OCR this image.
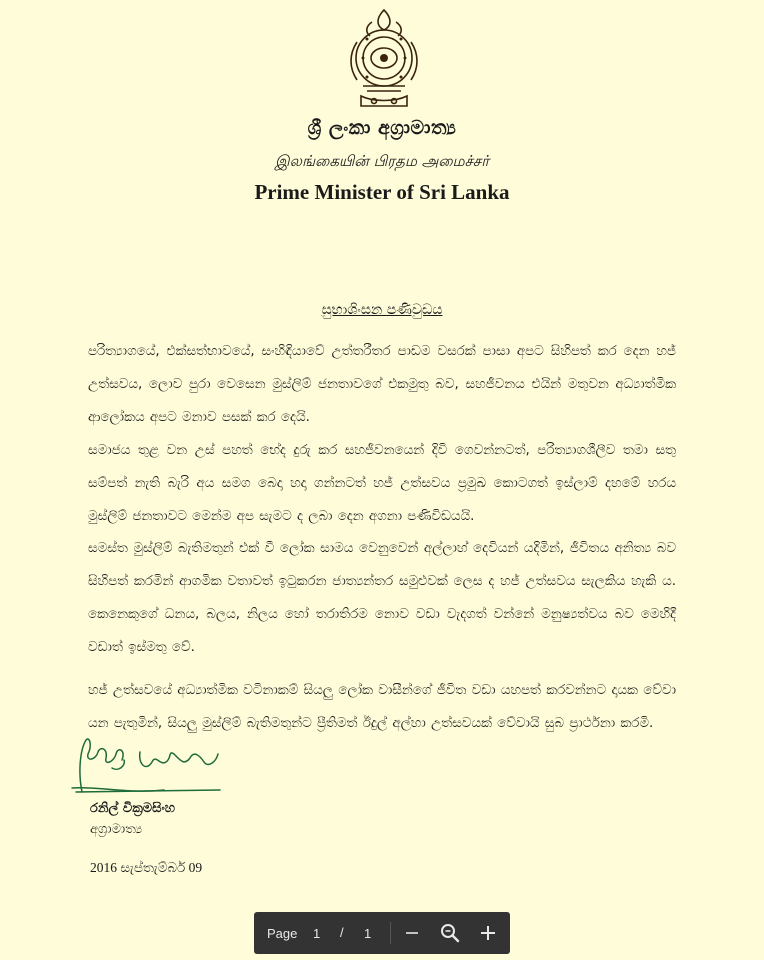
ශ්‍රී ලංකා අග්‍රාමාත්‍ය
இலங்கையின் பிரதம அமைச்சர்
Prime Minister of Sri Lanka
සුභාශිංසන පණිවුඩය
පරිත්‍යාගයේ, එක්සත්භාවයේ, සංහිඳියාවේ උත්තරීතර පාඩම වසරක් පාසා අපට සිහිපත් කර දෙන හජ් උත්සවය, ලොව පුරා වෙසෙන මුස්ලිම් ජනතාවගේ එකමුතු බව, සහජීවනය එයින් මතුවන අධ්‍යාත්මික ආලෝකය අපට මනාව පසක් කර දෙයි.
සමාජය තුළ වන උස් පහත් භේද දුරු කර සහජීවනයෙන් දිවි ගෙවන්නටත්, පරිත්‍යාගශීලීව තමා සතු සම්පත් නැති බැරි අය සමග බෙදා හදා ගන්නටත් හජ් උත්සවය ප්‍රමුඛ කොටගත් ඉස්ලාම් දහමේ හරය මුස්ලිම් ජනතාවට මෙන්ම අප සැමට ද ලබා දෙන අගනා පණිවිඩයයි.
සමස්ත මුස්ලිම් බැතිමතුන් එක් වී ලෝක සාමය වෙනුවෙන් අල්ලාහ් දෙවියන් යදිමින්, ජීවිතය අනිත්‍ය බව සිහිපත් කරමින් ආගමික වතාවත් ඉටුකරන ජාත්‍යන්තර සමුළුවක් ලෙස ද හජ් උත්සවය සැලකිය හැකි ය. කෙනෙකුගේ ධනය, බලය, නිලය හෝ තරාතිරම නොව වඩා වැදගත් වන්නේ මනුෂ්‍යත්වය බව මෙහිදී වඩාත් ඉස්මතු වේ.
හජ් උත්සවයේ අධ්‍යාත්මික වටිනාකම් සියලු ලෝක වාසීන්ගේ ජීවිත වඩා යහපත් කරවන්නට දායක වේවා යන පැතුමින්, සියලු මුස්ලිම් බැතිමතුන්ට ප්‍රීතිමත් ඊදුල් අල්හා උත්සවයක් වේවායි සුබ ප්‍රාර්ථනා කරමි.
රනිල් වික්‍රමසිංහ
අග්‍රාමාත්‍ය
2016 සැප්තැම්බර් 09
Page 1 / 1
